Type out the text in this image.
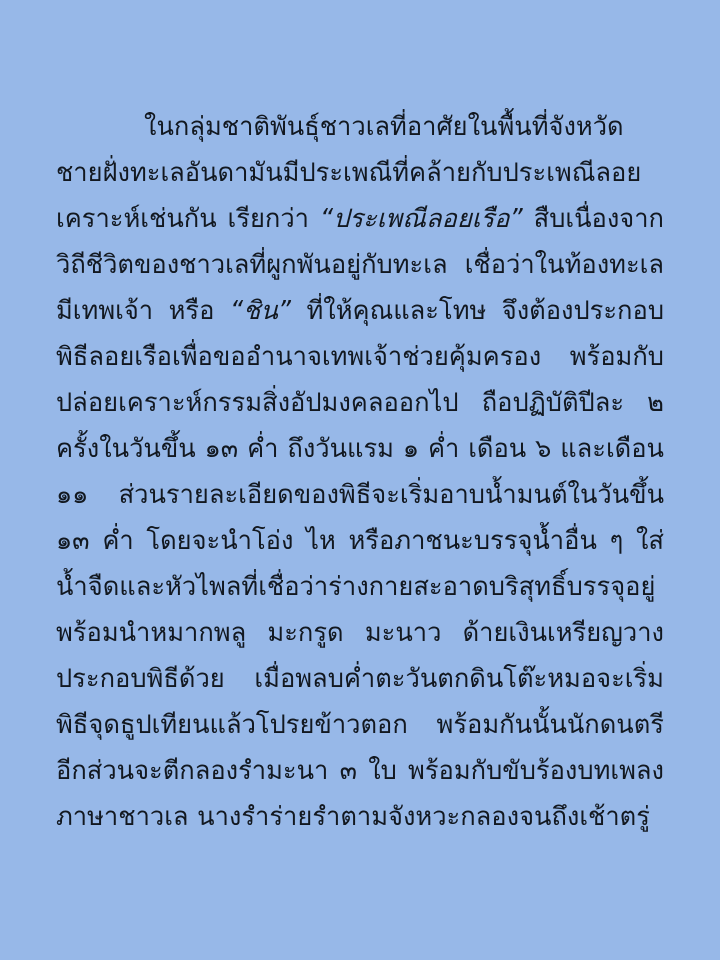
ในกลุ่มชาติพันธุ์ชาวเลที่อาศัยในพื้นที่จังหวัดชายฝั่งทะเลอันดามันมีประเพณีที่คล้ายกับประเพณีลอยเคราะห์เช่นกัน เรียกว่า “ประเพณีลอยเรือ” สืบเนื่องจากวิถีชีวิตของชาวเลที่ผูกพันอยู่กับทะเล เชื่อว่าในท้องทะเลมีเทพเจ้า หรือ “ชิน” ที่ให้คุณและโทษ จึงต้องประกอบพิธีลอยเรือเพื่อขออำนาจเทพเจ้าช่วยคุ้มครอง พร้อมกับปล่อยเคราะห์กรรมสิ่งอัปมงคลออกไป ถือปฏิบัติปีละ ๒ ครั้งในวันขึ้น ๑๓ ค่ำ ถึงวันแรม ๑ ค่ำ เดือน ๖ และเดือน ๑๑ ส่วนรายละเอียดของพิธีจะเริ่มอาบน้ำมนต์ในวันขึ้น ๑๓ ค่ำ โดยจะนำโอ่ง ไห หรือภาชนะบรรจุน้ำอื่น ๆ ใส่น้ำจืดและหัวไพลที่เชื่อว่าร่างกายสะอาดบริสุทธิ์บรรจุอยู่ พร้อมนำหมากพลู มะกรูด มะนาว ด้ายเงินเหรียญวางประกอบพิธีด้วย เมื่อพลบค่ำตะวันตกดินโต๊ะหมอจะเริ่มพิธีจุดธูปเทียนแล้วโปรยข้าวตอก พร้อมกันนั้นนักดนตรีอีกส่วนจะตีกลองรำมะนา ๓ ใบ พร้อมกับขับร้องบทเพลงภาษาชาวเล นางรำร่ายรำตามจังหวะกลองจนถึงเช้าตรู่
